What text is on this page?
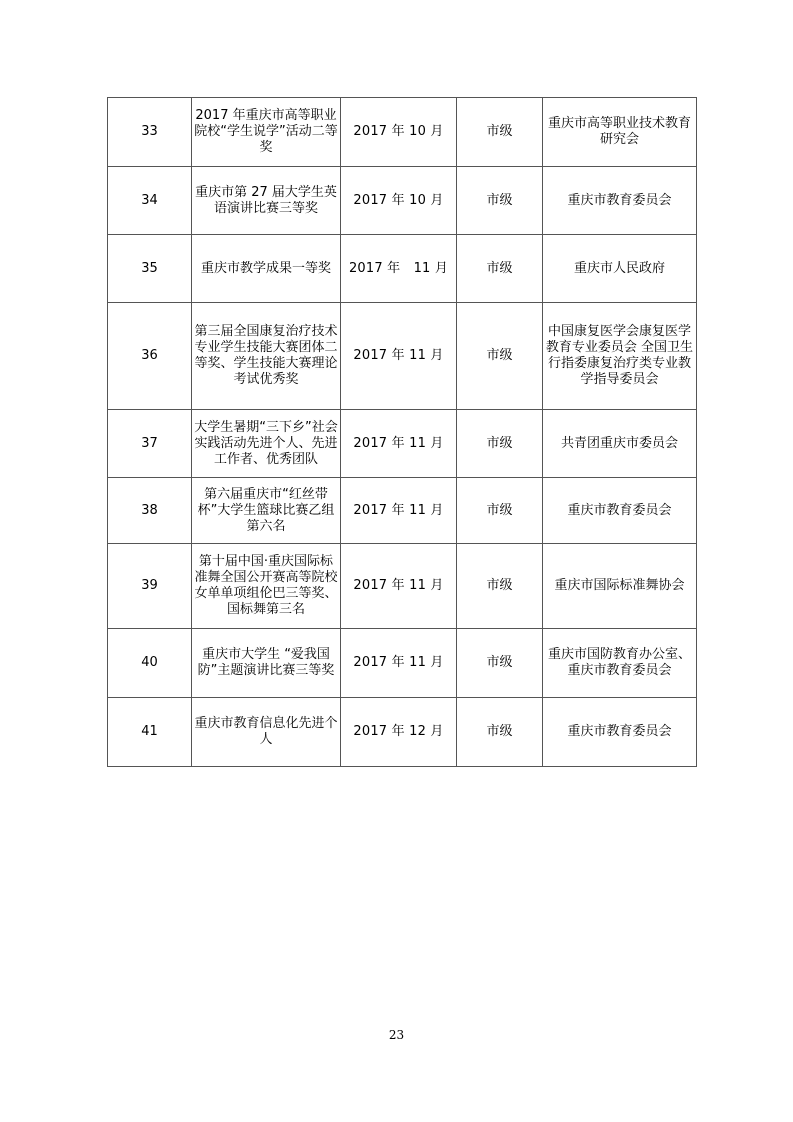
33	2017 年重庆市高等职业院校“学生说学”活动二等奖	2017 年 10 月	市级	重庆市高等职业技术教育研究会
34	重庆市第 27 届大学生英语演讲比赛三等奖	2017 年 10 月	市级	重庆市教育委员会
35	重庆市教学成果一等奖	2017 年　11 月	市级	重庆市人民政府
36	第三届全国康复治疗技术专业学生技能大赛团体二等奖、学生技能大赛理论考试优秀奖	2017 年 11 月	市级	中国康复医学会康复医学教育专业委员会 全国卫生行指委康复治疗类专业教学指导委员会
37	大学生暑期“三下乡”社会实践活动先进个人、先进工作者、优秀团队	2017 年 11 月	市级	共青团重庆市委员会
38	第六届重庆市“红丝带杯”大学生篮球比赛乙组第六名	2017 年 11 月	市级	重庆市教育委员会
39	第十届中国·重庆国际标准舞全国公开赛高等院校女单单项组伦巴三等奖、国标舞第三名	2017 年 11 月	市级	重庆市国际标准舞协会
40	重庆市大学生 “爱我国防”主题演讲比赛三等奖	2017 年 11 月	市级	重庆市国防教育办公室、重庆市教育委员会
41	重庆市教育信息化先进个人	2017 年 12 月	市级	重庆市教育委员会
23
